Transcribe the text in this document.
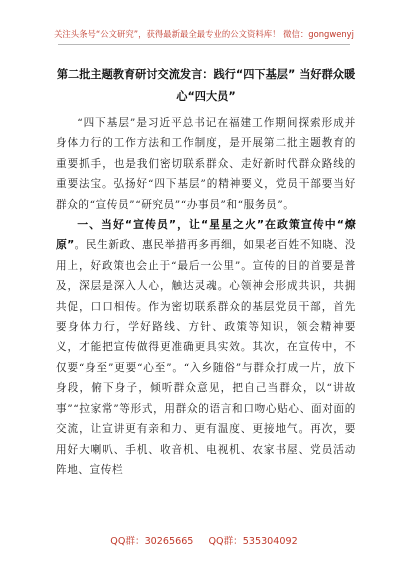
关注头条号“公文研究”，获得最新最全最专业的公文资料库！ 微信：gongwenyj
第二批主题教育研讨交流发言：践行“四下基层” 当好群众暖心“四大员”

“四下基层”是习近平总书记在福建工作期间探索形成并身体力行的工作方法和工作制度，是开展第二批主题教育的重要抓手，也是我们密切联系群众、走好新时代群众路线的重要法宝。弘扬好“四下基层”的精神要义，党员干部要当好群众的“宣传员”“研究员”“办事员”和“服务员”。

一、当好“宣传员”，让“星星之火”在政策宣传中“燎原”。民生新政、惠民举措再多再细，如果老百姓不知晓、没用上，好政策也会止于“最后一公里”。宣传的目的首要是普及，深层是深入人心，触达灵魂。心领神会形成共识，共拥共促，口口相传。作为密切联系群众的基层党员干部，首先要身体力行，学好路线、方针、政策等知识，领会精神要义，才能把宣传做得更准确更具实效。其次，在宣传中，不仅要“身至”更要“心至”。“入乡随俗”与群众打成一片，放下身段，俯下身子，倾听群众意见，把自己当群众，以“讲故事”“拉家常”等形式，用群众的语言和口吻心贴心、面对面的交流，让宣讲更有亲和力、更有温度、更接地气。再次，要用好大喇叭、手机、收音机、电视机、农家书屋、党员活动阵地、宣传栏

QQ群：30265665 QQ群：535304092
